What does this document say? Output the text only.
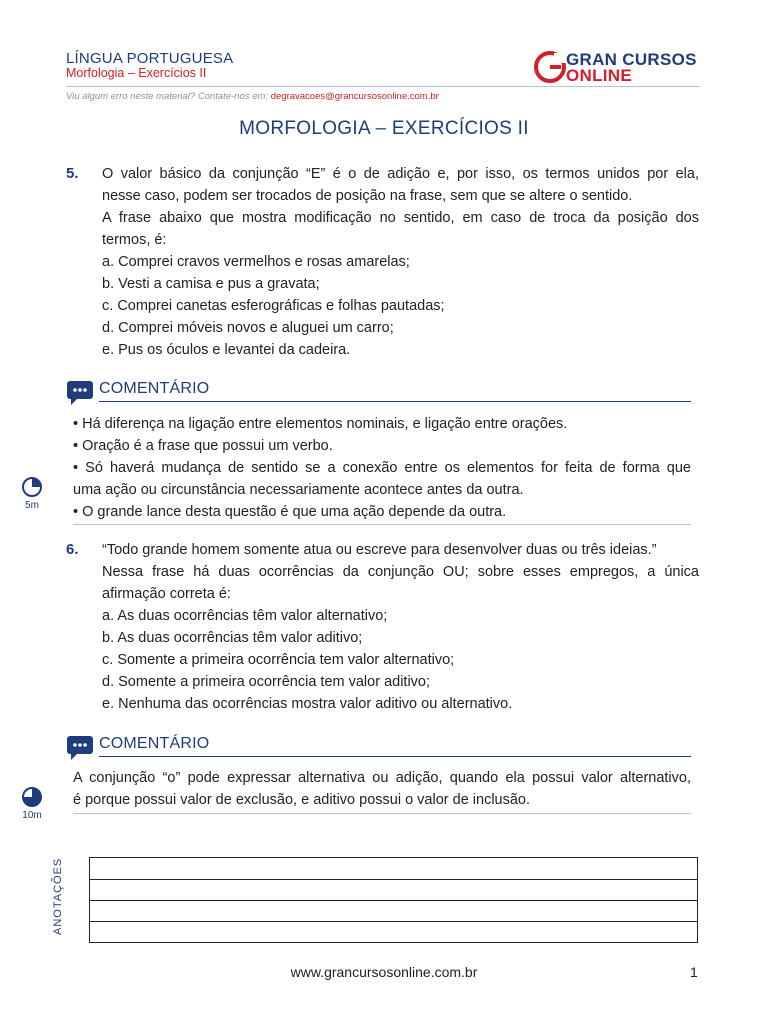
LÍNGUA PORTUGUESA
Morfologia – Exercícios II
Viu algum erro neste material? Contate-nos em: degravacoes@grancursosonline.com.br
GRAN CURSOS
ONLINE
MORFOLOGIA – EXERCÍCIOS II
5. O valor básico da conjunção “E” é o de adição e, por isso, os termos unidos por ela,
nesse caso, podem ser trocados de posição na frase, sem que se altere o sentido.
A frase abaixo que mostra modificação no sentido, em caso de troca da posição dos
termos, é:
a. Comprei cravos vermelhos e rosas amarelas;
b. Vesti a camisa e pus a gravata;
c. Comprei canetas esferográficas e folhas pautadas;
d. Comprei móveis novos e aluguei um carro;
e. Pus os óculos e levantei da cadeira.
COMENTÁRIO
• Há diferença na ligação entre elementos nominais, e ligação entre orações.
• Oração é a frase que possui um verbo.
• Só haverá mudança de sentido se a conexão entre os elementos for feita de forma que
uma ação ou circunstância necessariamente acontece antes da outra.
• O grande lance desta questão é que uma ação depende da outra.
5m
6. “Todo grande homem somente atua ou escreve para desenvolver duas ou três ideias.”
Nessa frase há duas ocorrências da conjunção OU; sobre esses empregos, a única
afirmação correta é:
a. As duas ocorrências têm valor alternativo;
b. As duas ocorrências têm valor aditivo;
c. Somente a primeira ocorrência tem valor alternativo;
d. Somente a primeira ocorrência tem valor aditivo;
e. Nenhuma das ocorrências mostra valor aditivo ou alternativo.
COMENTÁRIO
A conjunção “o” pode expressar alternativa ou adição, quando ela possui valor alternativo,
é porque possui valor de exclusão, e aditivo possui o valor de inclusão.
10m
ANOTAÇÕES
www.grancursosonline.com.br	1
